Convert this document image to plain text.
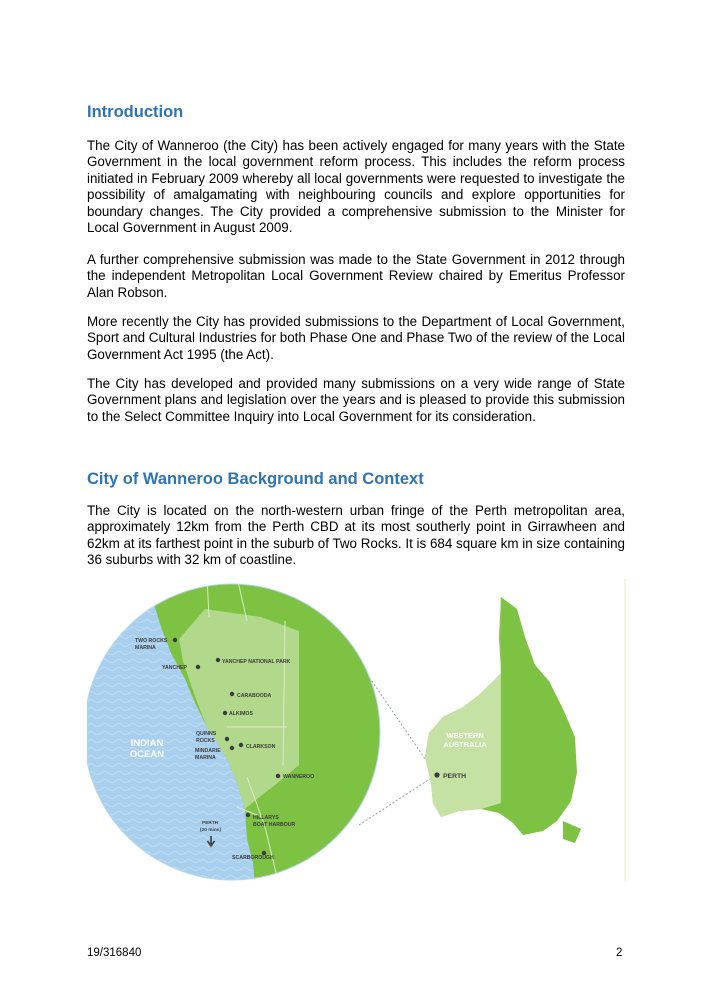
Introduction

The City of Wanneroo (the City) has been actively engaged for many years with the State Government in the local government reform process. This includes the reform process initiated in February 2009 whereby all local governments were requested to investigate the possibility of amalgamating with neighbouring councils and explore opportunities for boundary changes. The City provided a comprehensive submission to the Minister for Local Government in August 2009.

A further comprehensive submission was made to the State Government in 2012 through the independent Metropolitan Local Government Review chaired by Emeritus Professor Alan Robson.

More recently the City has provided submissions to the Department of Local Government, Sport and Cultural Industries for both Phase One and Phase Two of the review of the Local Government Act 1995 (the Act).

The City has developed and provided many submissions on a very wide range of State Government plans and legislation over the years and is pleased to provide this submission to the Select Committee Inquiry into Local Government for its consideration.

City of Wanneroo Background and Context

The City is located on the north-western urban fringe of the Perth metropolitan area, approximately 12km from the Perth CBD at its most southerly point in Girrawheen and 62km at its farthest point in the suburb of Two Rocks. It is 684 square km in size containing 36 suburbs with 32 km of coastline.

INDIAN
OCEAN
TWO ROCKS
MARINA
YANCHEP
YANCHEP NATIONAL PARK
CARABOODA
ALKIMOS
QUINNS
ROCKS
MINDARIE
MARINA
CLARKSON
WANNEROO
HILLARYS
BOAT HARBOUR
PERTH
(20 mins)
SCARBOROUGH
WESTERN
AUSTRALIA
PERTH
19/316840	2
